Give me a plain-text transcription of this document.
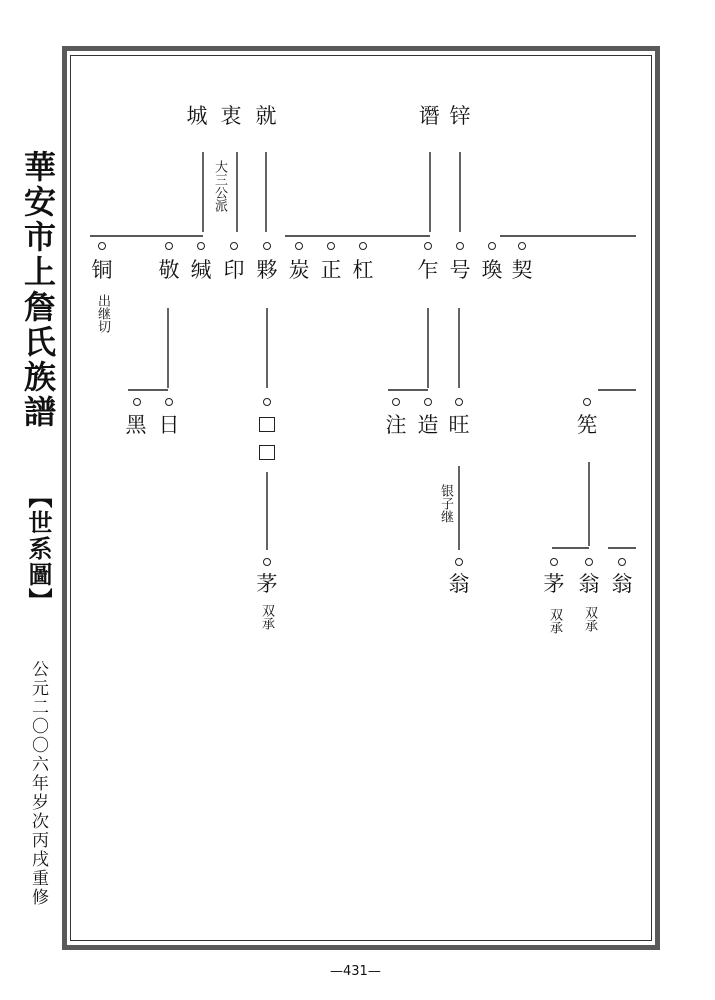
華安市上詹氏族譜
【世系圖】
公元二〇〇六年岁次丙戌重修
—431—
城 衷 就	谮 锌
大三公派
铜 敬 缄 印 夥 炭 正 杠 乍 号 瑍 契
出继切
黑 日	注 造 旺	筅
银子继
茅	翁	茅 翁 翁
双承	双承 双承
